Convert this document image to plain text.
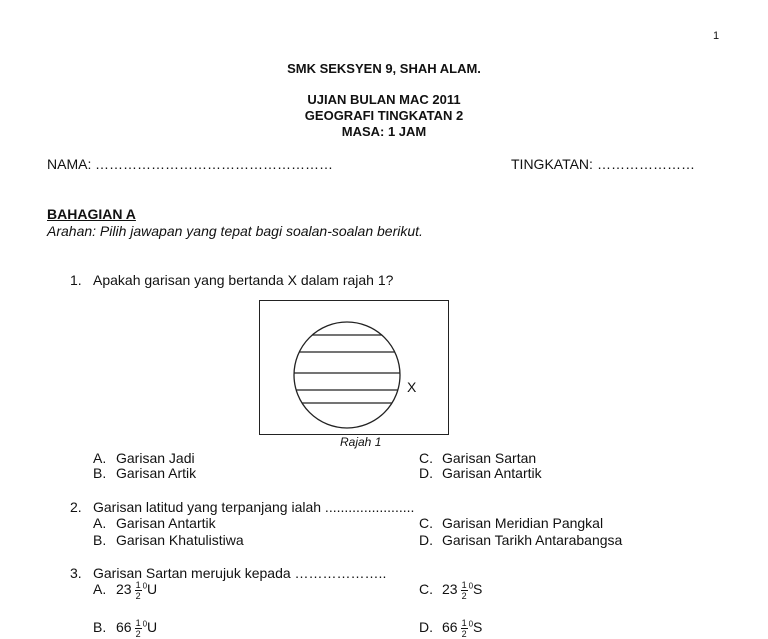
1
SMK SEKSYEN 9, SHAH ALAM.
UJIAN BULAN MAC 2011
GEOGRAFI TINGKATAN 2
MASA: 1 JAM
NAMA: ……………………………………………	TINGKATAN: …………………
BAHAGIAN A
Arahan: Pilih jawapan yang tepat bagi soalan-soalan berikut.
1. Apakah garisan yang bertanda X dalam rajah 1?
X
Rajah 1
A. Garisan Jadi
B. Garisan Artik
C. Garisan Sartan
D. Garisan Antartik
2. Garisan latitud yang terpanjang ialah .......................
A. Garisan Antartik
B. Garisan Khatulistiwa
C. Garisan Meridian Pangkal
D. Garisan Tarikh Antarabangsa
3. Garisan Sartan merujuk kepada ………………..
A. $23 \frac{1}{2} ^0U$	C. $23 \frac{1}{2} ^0S$
B. $66 \frac{1}{2} ^0U$	D. $66 \frac{1}{2} ^0S$
